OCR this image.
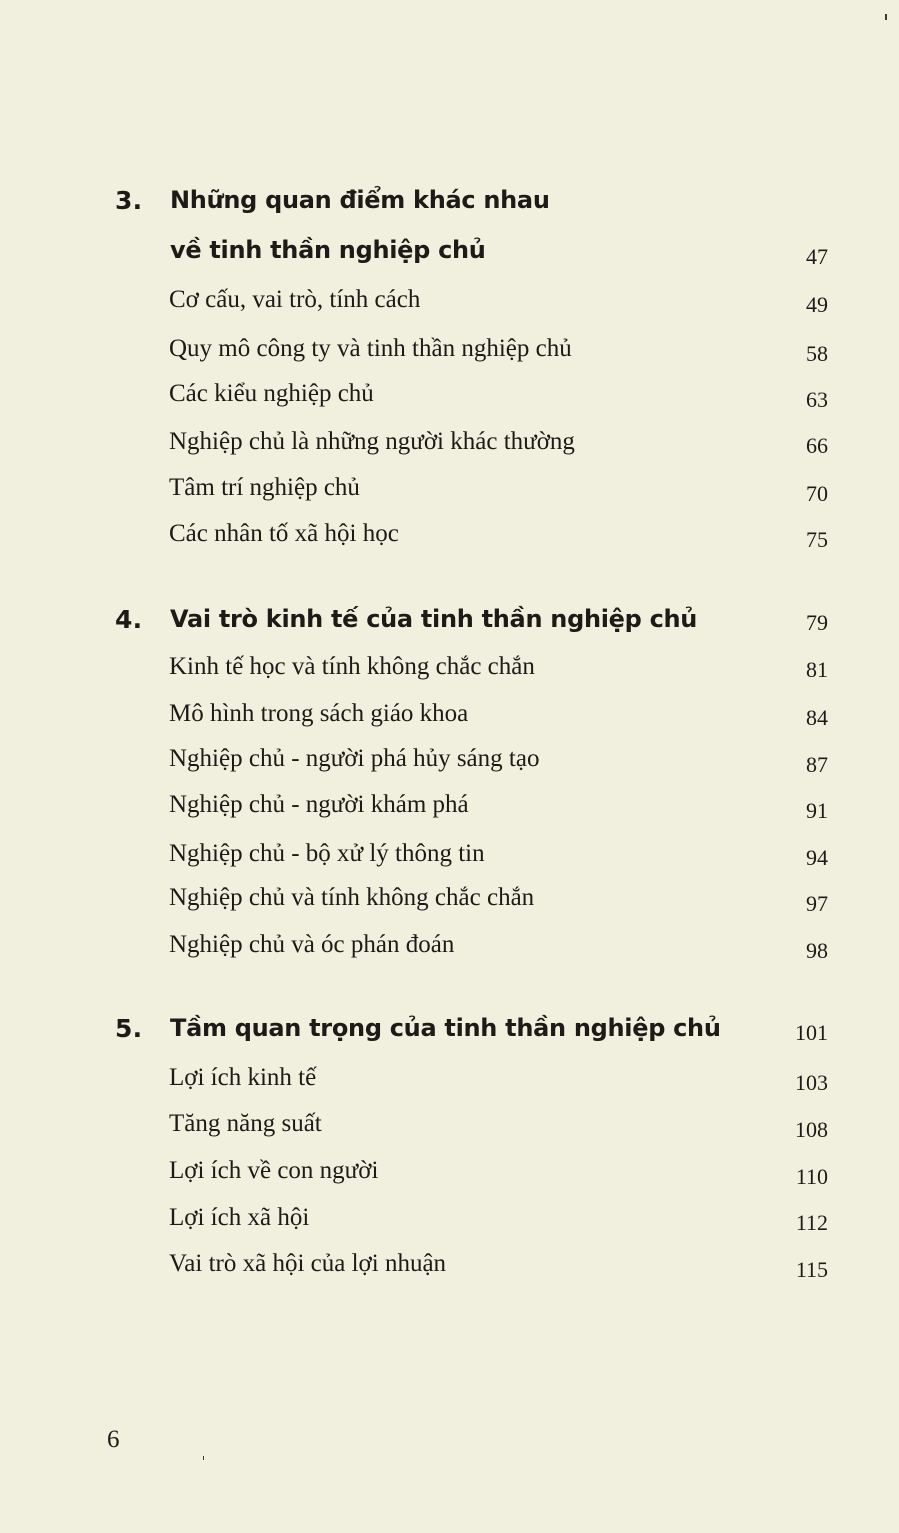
3. Những quan điểm khác nhau
về tinh thần nghiệp chủ	47
Cơ cấu, vai trò, tính cách	49
Quy mô công ty và tinh thần nghiệp chủ	58
Các kiểu nghiệp chủ	63
Nghiệp chủ là những người khác thường	66
Tâm trí nghiệp chủ	70
Các nhân tố xã hội học	75
4. Vai trò kinh tế của tinh thần nghiệp chủ	79
Kinh tế học và tính không chắc chắn	81
Mô hình trong sách giáo khoa	84
Nghiệp chủ - người phá hủy sáng tạo	87
Nghiệp chủ - người khám phá	91
Nghiệp chủ - bộ xử lý thông tin	94
Nghiệp chủ và tính không chắc chắn	97
Nghiệp chủ và óc phán đoán	98
5. Tầm quan trọng của tinh thần nghiệp chủ	101
Lợi ích kinh tế	103
Tăng năng suất	108
Lợi ích về con người	110
Lợi ích xã hội	112
Vai trò xã hội của lợi nhuận	115
6
